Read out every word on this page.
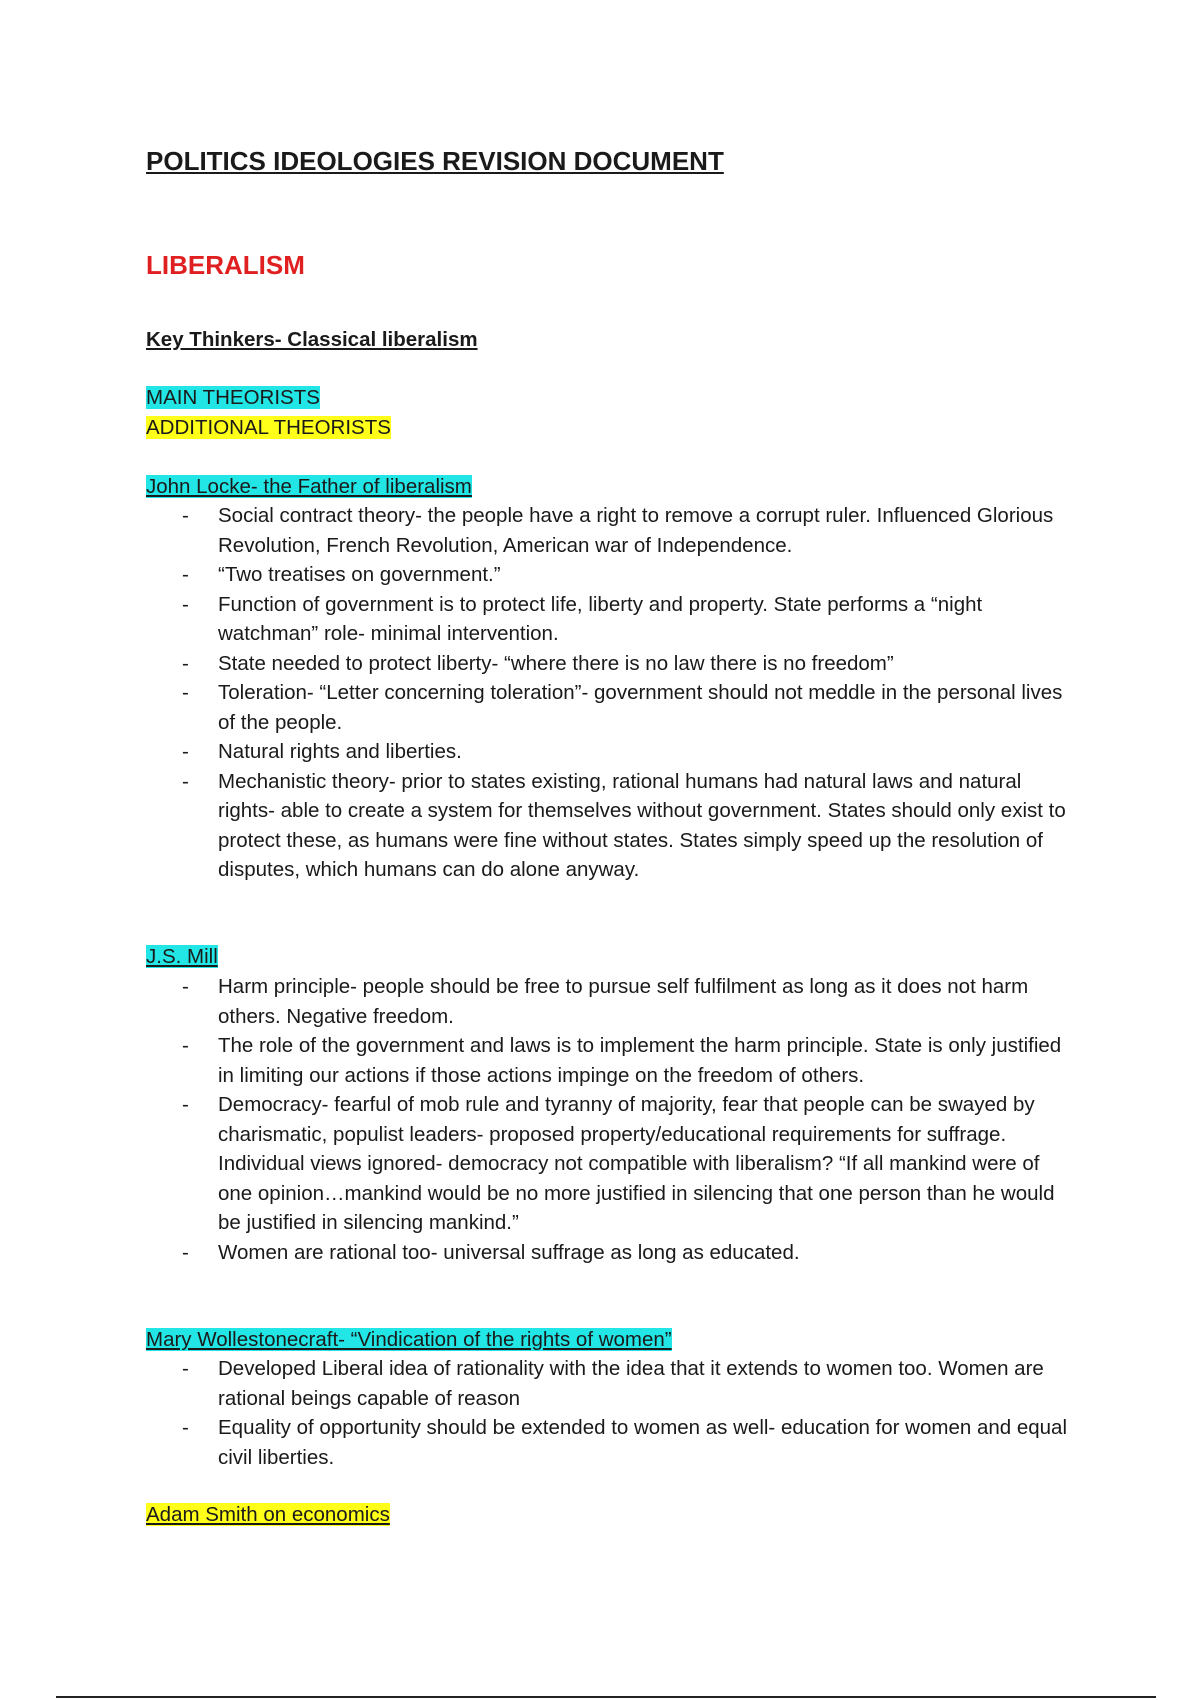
POLITICS IDEOLOGIES REVISION DOCUMENT
LIBERALISM
Key Thinkers- Classical liberalism
MAIN THEORISTS
ADDITIONAL THEORISTS
John Locke- the Father of liberalism
- Social contract theory- the people have a right to remove a corrupt ruler. Influenced Glorious Revolution, French Revolution, American war of Independence.
- “Two treatises on government.”
- Function of government is to protect life, liberty and property. State performs a “night watchman” role- minimal intervention.
- State needed to protect liberty- “where there is no law there is no freedom”
- Toleration- “Letter concerning toleration”- government should not meddle in the personal lives of the people.
- Natural rights and liberties.
- Mechanistic theory- prior to states existing, rational humans had natural laws and natural rights- able to create a system for themselves without government. States should only exist to protect these, as humans were fine without states. States simply speed up the resolution of disputes, which humans can do alone anyway.
J.S. Mill
- Harm principle- people should be free to pursue self fulfilment as long as it does not harm others. Negative freedom.
- The role of the government and laws is to implement the harm principle. State is only justified in limiting our actions if those actions impinge on the freedom of others.
- Democracy- fearful of mob rule and tyranny of majority, fear that people can be swayed by charismatic, populist leaders- proposed property/educational requirements for suffrage. Individual views ignored- democracy not compatible with liberalism? “If all mankind were of one opinion…mankind would be no more justified in silencing that one person than he would be justified in silencing mankind.”
- Women are rational too- universal suffrage as long as educated.
Mary Wollestonecraft- “Vindication of the rights of women”
- Developed Liberal idea of rationality with the idea that it extends to women too. Women are rational beings capable of reason
- Equality of opportunity should be extended to women as well- education for women and equal civil liberties.
Adam Smith on economics
